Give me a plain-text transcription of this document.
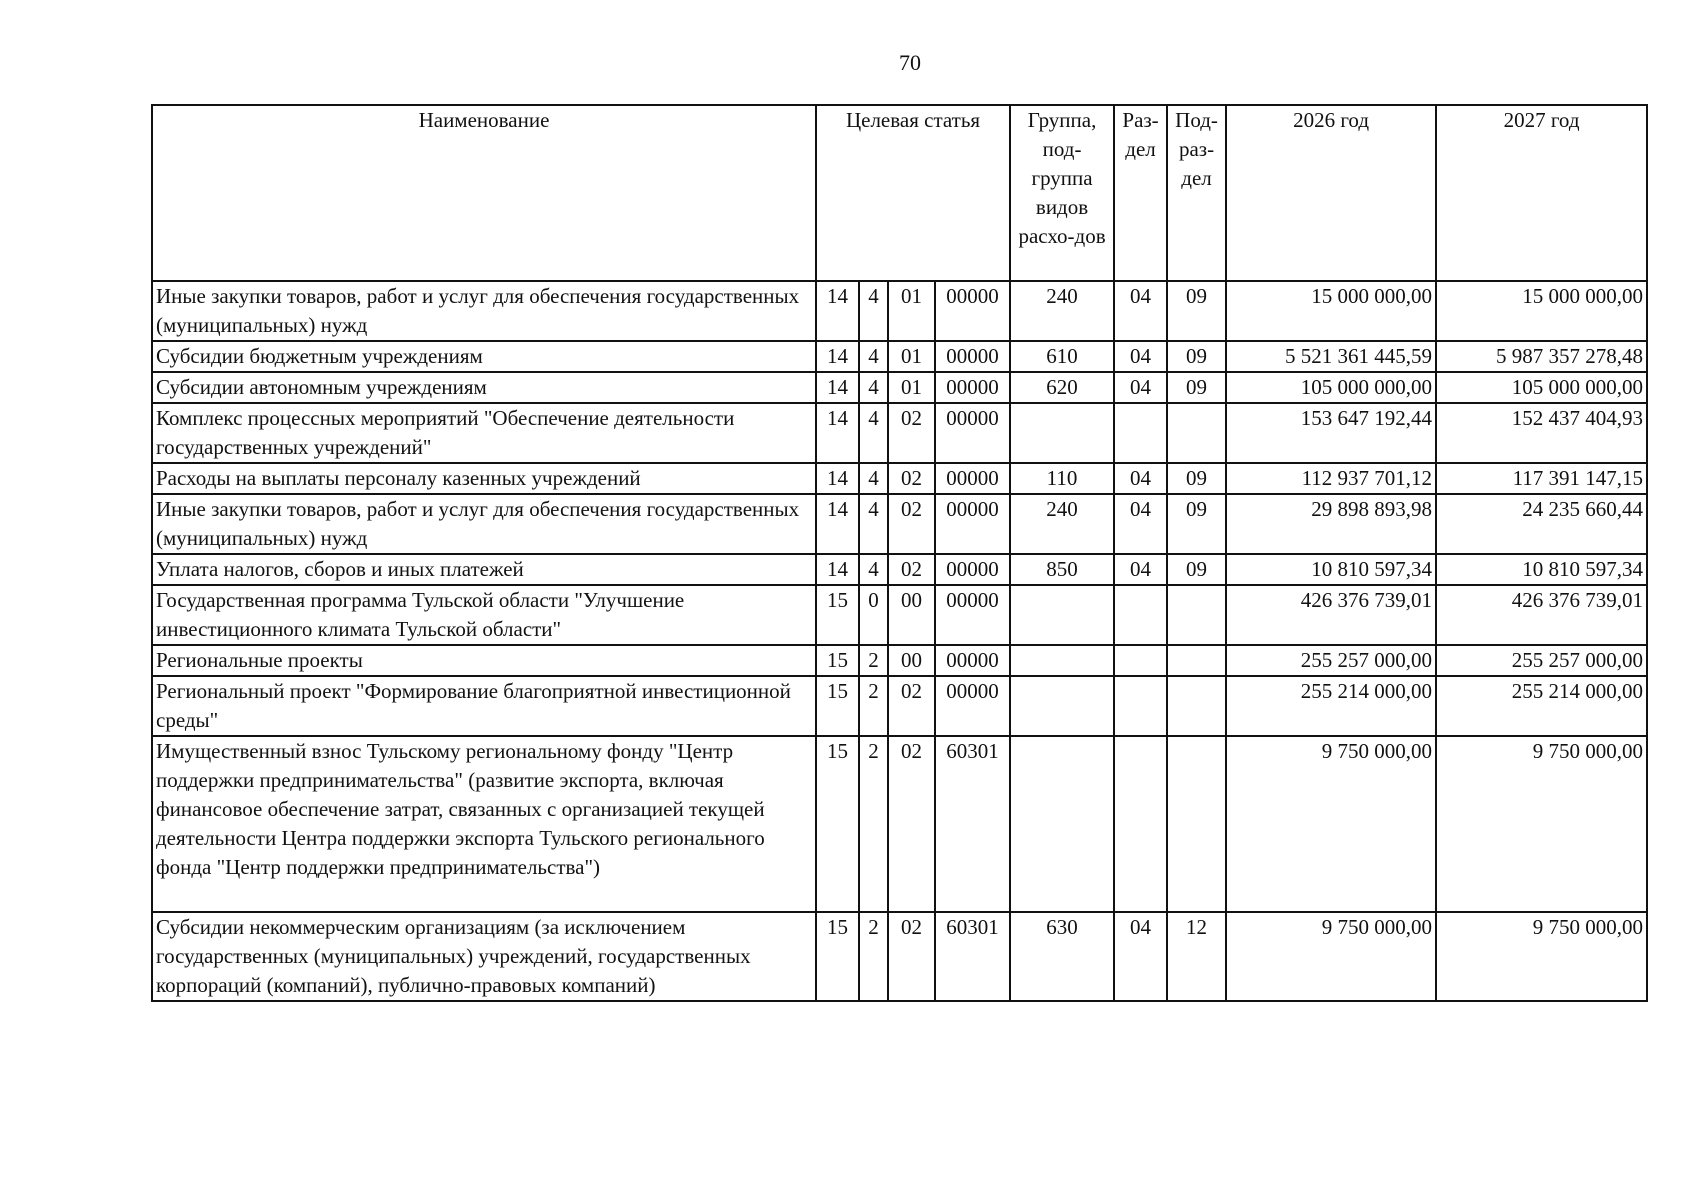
70
Наименование	Целевая статья				Группа, под-группа видов расхо-дов	Раз-дел	Под-раз-дел	2026 год	2027 год
Иные закупки товаров, работ и услуг для обеспечения государственных (муниципальных) нужд	14	4	01	00000	240	04	09	15 000 000,00	15 000 000,00
Субсидии бюджетным учреждениям	14	4	01	00000	610	04	09	5 521 361 445,59	5 987 357 278,48
Субсидии автономным учреждениям	14	4	01	00000	620	04	09	105 000 000,00	105 000 000,00
Комплекс процессных мероприятий "Обеспечение деятельности государственных учреждений"	14	4	02	00000				153 647 192,44	152 437 404,93
Расходы на выплаты персоналу казенных учреждений	14	4	02	00000	110	04	09	112 937 701,12	117 391 147,15
Иные закупки товаров, работ и услуг для обеспечения государственных (муниципальных) нужд	14	4	02	00000	240	04	09	29 898 893,98	24 235 660,44
Уплата налогов, сборов и иных платежей	14	4	02	00000	850	04	09	10 810 597,34	10 810 597,34
Государственная программа Тульской области "Улучшение инвестиционного климата Тульской области"	15	0	00	00000				426 376 739,01	426 376 739,01
Региональные проекты	15	2	00	00000				255 257 000,00	255 257 000,00
Региональный проект "Формирование благоприятной инвестиционной среды"	15	2	02	00000				255 214 000,00	255 214 000,00
Имущественный взнос Тульскому региональному фонду "Центр поддержки предпринимательства" (развитие экспорта, включая финансовое обеспечение затрат, связанных с организацией текущей деятельности Центра поддержки экспорта Тульского регионального фонда "Центр поддержки предпринимательства")	15	2	02	60301				9 750 000,00	9 750 000,00
Субсидии некоммерческим организациям (за исключением государственных (муниципальных) учреждений, государственных корпораций (компаний), публично-правовых компаний)	15	2	02	60301	630	04	12	9 750 000,00	9 750 000,00
